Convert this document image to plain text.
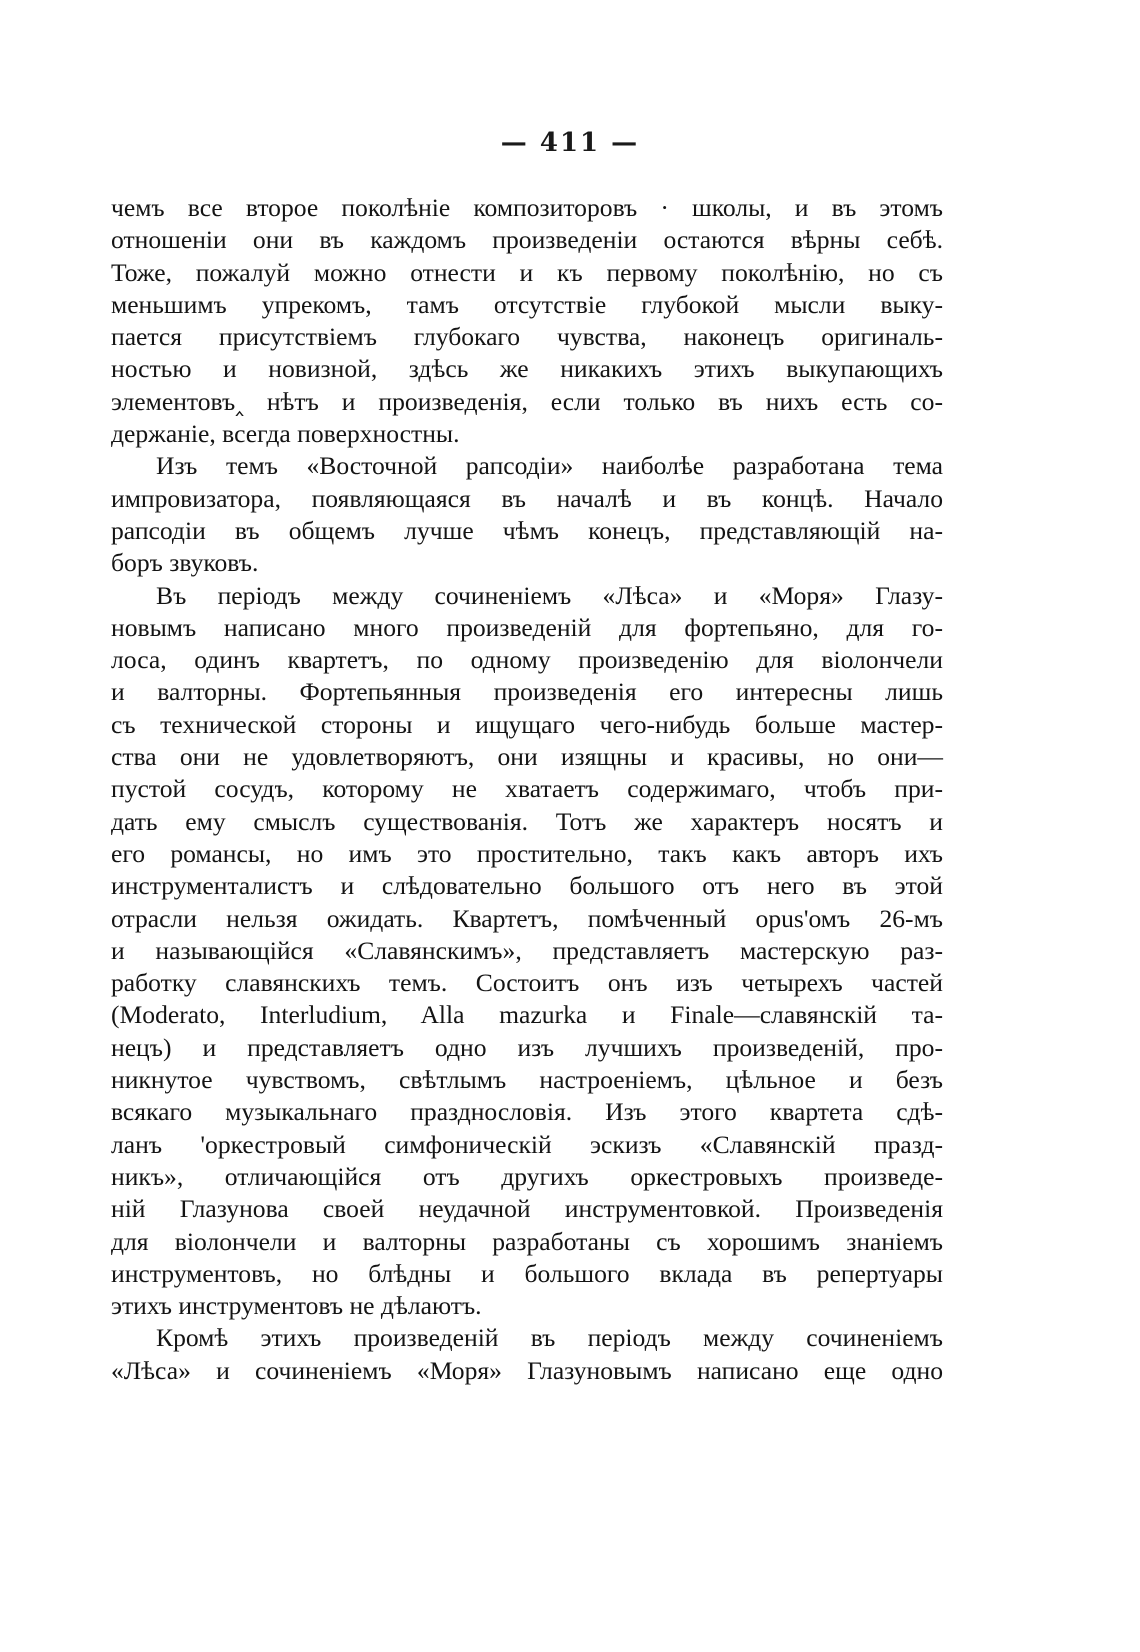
— 411 —
чемъ все второе поколѣніе композиторовъ · школы, и въ этомъ
отношеніи они въ каждомъ произведеніи остаются вѣрны себѣ.
Тоже, пожалуй можно отнести и къ первому поколѣнію, но съ
меньшимъ упрекомъ, тамъ отсутствіе глубокой мысли выку-
пается присутствіемъ глубокаго чувства, наконецъ оригиналь-
ностью и новизной, здѣсь же никакихъ этихъ выкупающихъ
элементовъ‸ нѣтъ и произведенія, если только въ нихъ есть со-
держаніе, всегда поверхностны.
Изъ темъ «Восточной рапсодіи» наиболѣе разработана тема
импровизатора, появляющаяся въ началѣ и въ концѣ. Начало
рапсодіи въ общемъ лучше чѣмъ конецъ, представляющій на-
боръ звуковъ.
Въ періодъ между сочиненіемъ «Лѣса» и «Моря» Глазу-
новымъ написано много произведеній для фортепьяно, для го-
лоса, одинъ квартетъ, по одному произведенію для віолончели
и валторны. Фортепьянныя произведенія его интересны лишь
съ технической стороны и ищущаго чего-нибудь больше мастер-
ства они не удовлетворяютъ, они изящны и красивы, но они—
пустой сосудъ, которому не хватаетъ содержимаго, чтобъ при-
дать ему смыслъ существованія. Тотъ же характеръ носятъ и
его романсы, но имъ это простительно, такъ какъ авторъ ихъ
инструменталистъ и слѣдовательно большого отъ него въ этой
отрасли нельзя ожидать. Квартетъ, помѣченный opus'омъ 26-мъ
и называющійся «Славянскимъ», представляетъ мастерскую раз-
работку славянскихъ темъ. Состоитъ онъ изъ четырехъ частей
(Moderato, Interludium, Alla mazurka и Finale—славянскій та-
нецъ) и представляетъ одно изъ лучшихъ произведеній, про-
никнутое чувствомъ, свѣтлымъ настроеніемъ, цѣльное и безъ
всякаго музыкальнаго празднословія. Изъ этого квартета сдѣ-
ланъ 'оркестровый симфоническій эскизъ «Славянскій празд-
никъ», отличающійся отъ другихъ оркестровыхъ произведе-
ній Глазунова своей неудачной инструментовкой. Произведенія
для віолончели и валторны разработаны съ хорошимъ знаніемъ
инструментовъ, но блѣдны и большого вклада въ репертуары
этихъ инструментовъ не дѣлаютъ.
Кромѣ этихъ произведеній въ періодъ между сочиненіемъ
«Лѣса» и сочиненіемъ «Моря» Глазуновымъ написано еще одно
